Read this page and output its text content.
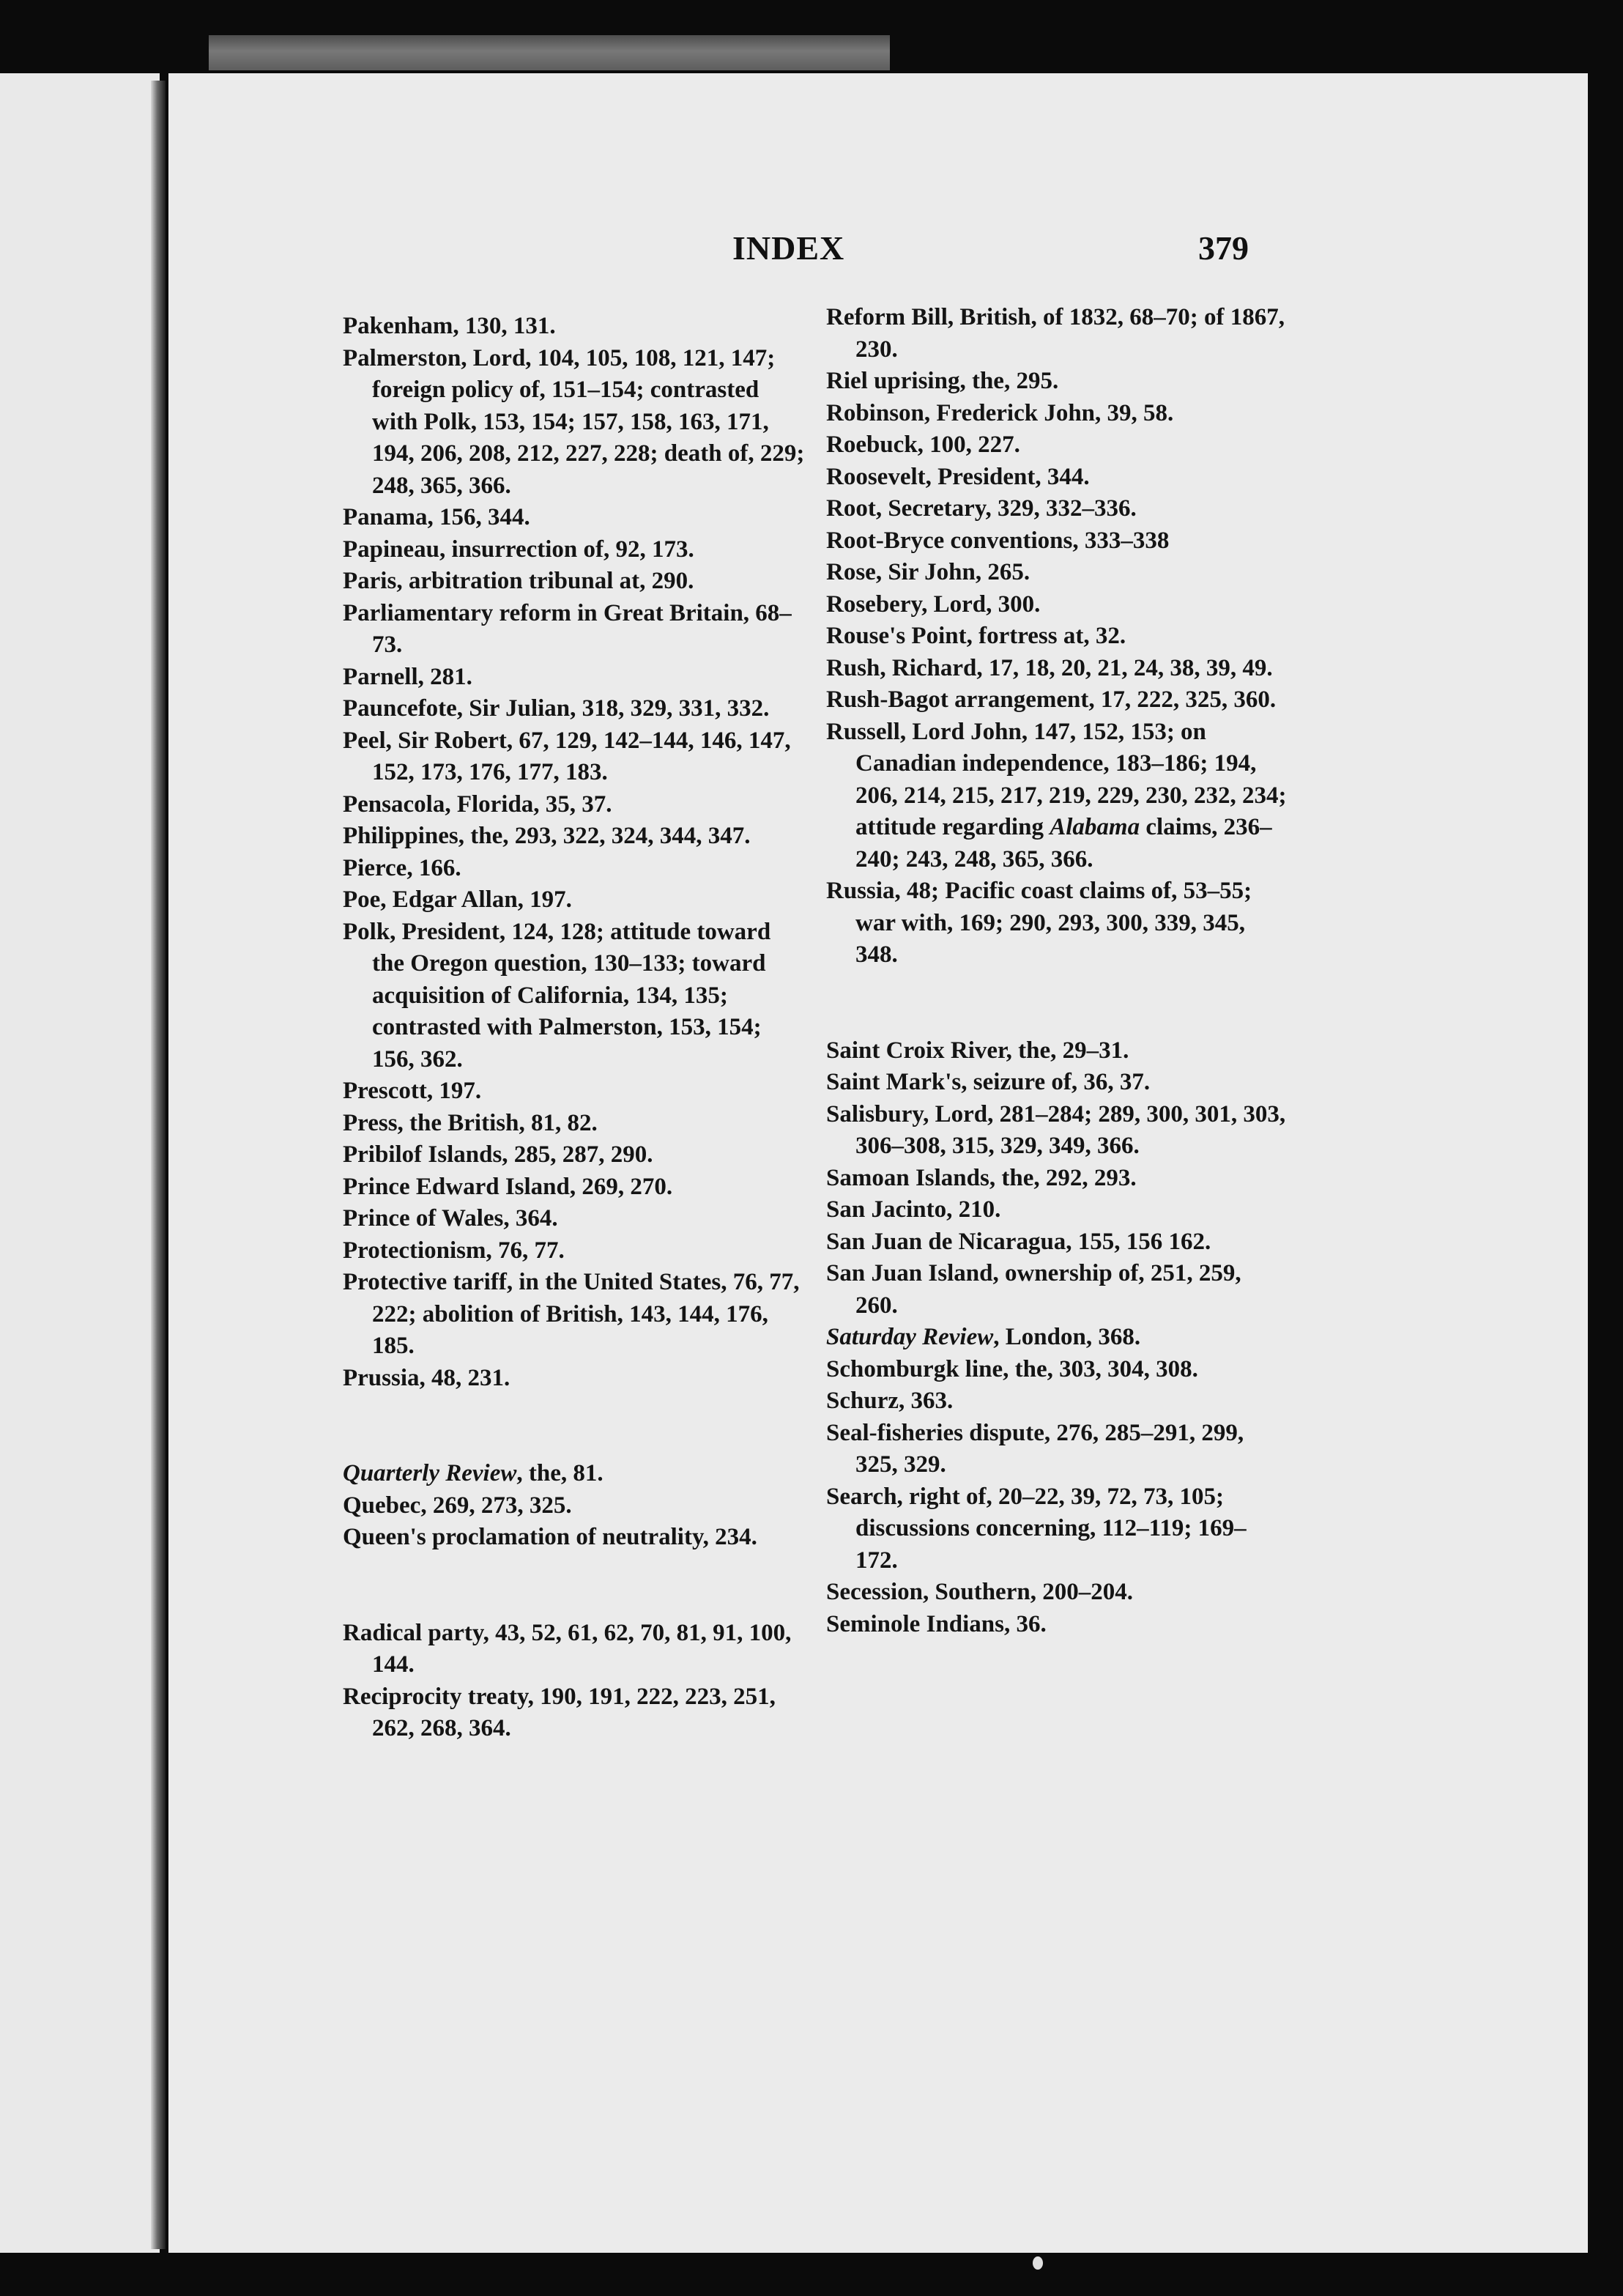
INDEX	379
Pakenham, 130, 131.
Palmerston, Lord, 104, 105, 108, 121, 147; foreign policy of, 151–154; contrasted with Polk, 153, 154; 157, 158, 163, 171, 194, 206, 208, 212, 227, 228; death of, 229; 248, 365, 366.
Panama, 156, 344.
Papineau, insurrection of, 92, 173.
Paris, arbitration tribunal at, 290.
Parliamentary reform in Great Britain, 68–73.
Parnell, 281.
Pauncefote, Sir Julian, 318, 329, 331, 332.
Peel, Sir Robert, 67, 129, 142–144, 146, 147, 152, 173, 176, 177, 183.
Pensacola, Florida, 35, 37.
Philippines, the, 293, 322, 324, 344, 347.
Pierce, 166.
Poe, Edgar Allan, 197.
Polk, President, 124, 128; attitude toward the Oregon question, 130–133; toward acquisition of California, 134, 135; contrasted with Palmerston, 153, 154; 156, 362.
Prescott, 197.
Press, the British, 81, 82.
Pribilof Islands, 285, 287, 290.
Prince Edward Island, 269, 270.
Prince of Wales, 364.
Protectionism, 76, 77.
Protective tariff, in the United States, 76, 77, 222; abolition of British, 143, 144, 176, 185.
Prussia, 48, 231.
Quarterly Review, the, 81.
Quebec, 269, 273, 325.
Queen's proclamation of neutrality, 234.
Radical party, 43, 52, 61, 62, 70, 81, 91, 100, 144.
Reciprocity treaty, 190, 191, 222, 223, 251, 262, 268, 364.
Reform Bill, British, of 1832, 68–70; of 1867, 230.
Riel uprising, the, 295.
Robinson, Frederick John, 39, 58.
Roebuck, 100, 227.
Roosevelt, President, 344.
Root, Secretary, 329, 332–336.
Root-Bryce conventions, 333–338
Rose, Sir John, 265.
Rosebery, Lord, 300.
Rouse's Point, fortress at, 32.
Rush, Richard, 17, 18, 20, 21, 24, 38, 39, 49.
Rush-Bagot arrangement, 17, 222, 325, 360.
Russell, Lord John, 147, 152, 153; on Canadian independence, 183–186; 194, 206, 214, 215, 217, 219, 229, 230, 232, 234; attitude regarding Alabama claims, 236–240; 243, 248, 365, 366.
Russia, 48; Pacific coast claims of, 53–55; war with, 169; 290, 293, 300, 339, 345, 348.
Saint Croix River, the, 29–31.
Saint Mark's, seizure of, 36, 37.
Salisbury, Lord, 281–284; 289, 300, 301, 303, 306–308, 315, 329, 349, 366.
Samoan Islands, the, 292, 293.
San Jacinto, 210.
San Juan de Nicaragua, 155, 156 162.
San Juan Island, ownership of, 251, 259, 260.
Saturday Review, London, 368.
Schomburgk line, the, 303, 304, 308.
Schurz, 363.
Seal-fisheries dispute, 276, 285–291, 299, 325, 329.
Search, right of, 20–22, 39, 72, 73, 105; discussions concerning, 112–119; 169–172.
Secession, Southern, 200–204.
Seminole Indians, 36.
